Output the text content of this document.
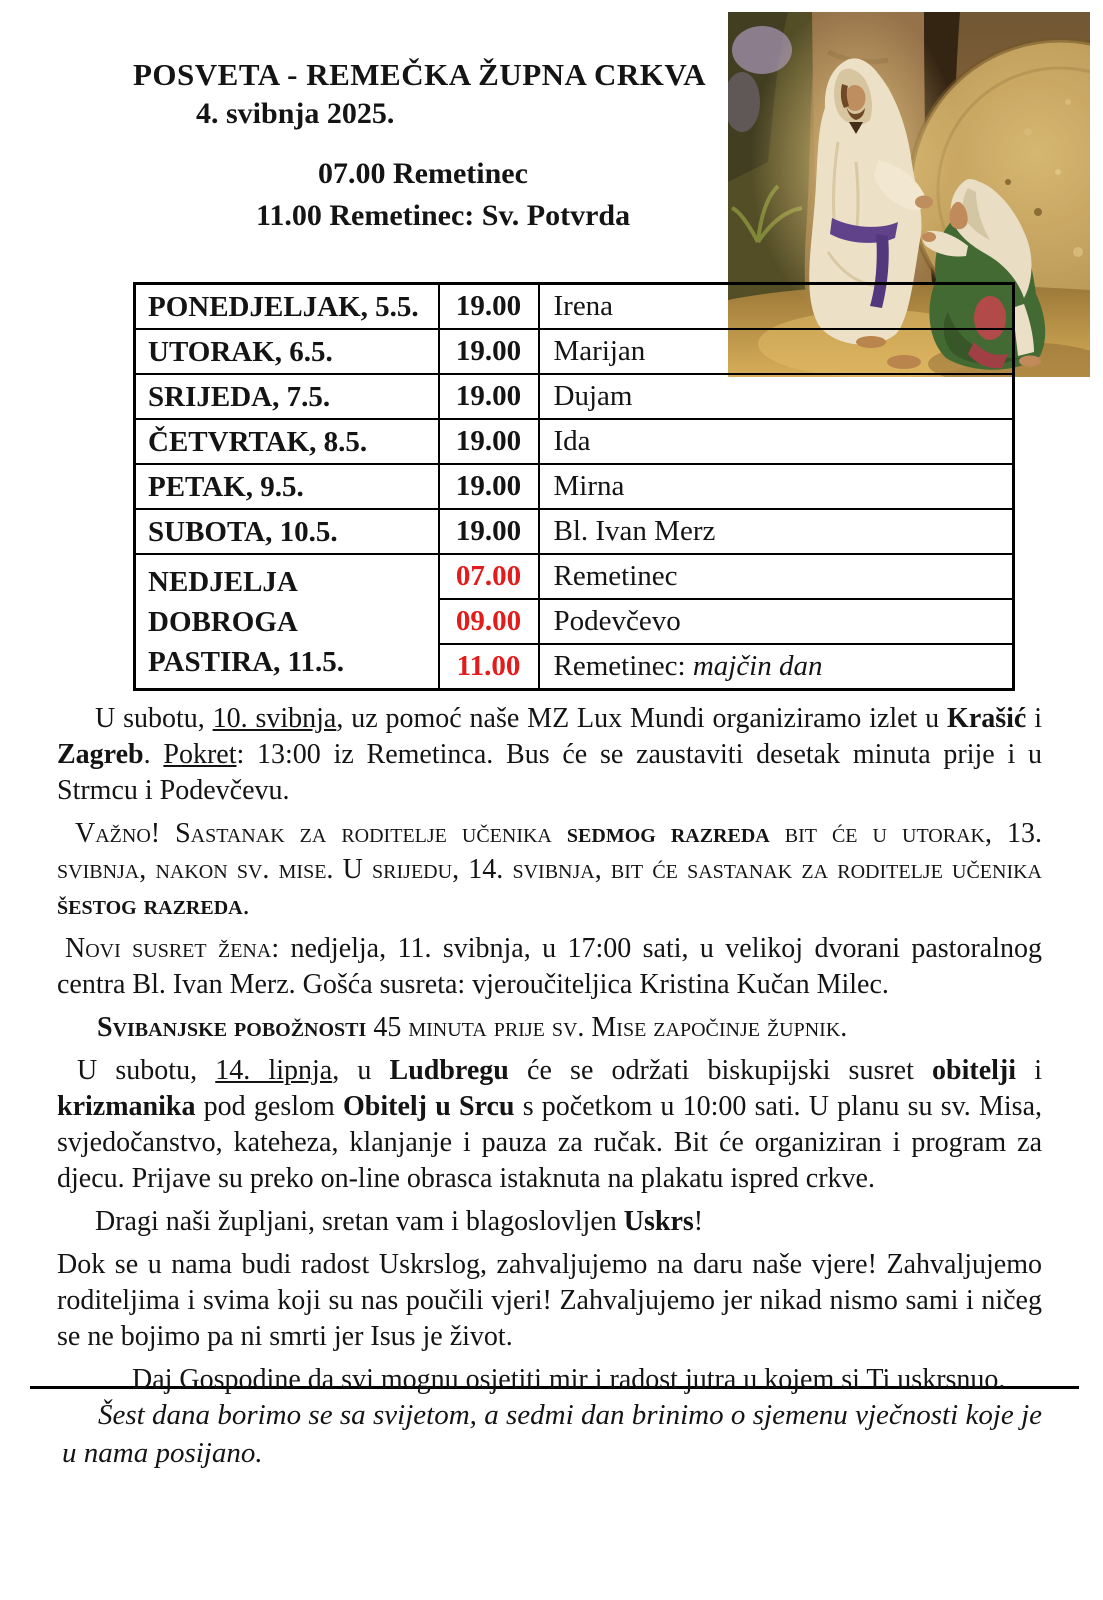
POSVETA - REMEČKA ŽUPNA CRKVA
4. svibnja 2025.
07.00 Remetinec
11.00 Remetinec: Sv. Potvrda
PONEDJELJAK, 5.5.	19.00	Irena

UTORAK, 6.5.	19.00	Marijan

SRIJEDA, 7.5.	19.00	Dujam

ČETVRTAK, 8.5.	19.00	Ida

PETAK, 9.5.	19.00	Mirna

SUBOTA, 10.5.	19.00	Bl. Ivan Merz

NEDJELJA
DOBROGA
PASTIRA, 11.5.	07.00	Remetinec
	09.00	Podevčevo
	11.00	Remetinec: majčin dan

U subotu, 10. svibnja, uz pomoć naše MZ Lux Mundi organiziramo izlet u Krašić i Zagreb. Pokret: 13:00 iz Remetinca. Bus će se zaustaviti desetak minuta prije i u Strmcu i Podevčevu.

Važno! Sastanak za roditelje učenika sedmog razreda bit će u utorak, 13. svibnja, nakon sv. mise. U srijedu, 14. svibnja, bit će sastanak za roditelje učenika šestog razreda.

Novi susret žena: nedjelja, 11. svibnja, u 17:00 sati, u velikoj dvorani pastoralnog centra Bl. Ivan Merz. Gošća susreta: vjeroučiteljica Kristina Kučan Milec.

Svibanjske pobožnosti 45 minuta prije sv. Mise započinje župnik.

U subotu, 14. lipnja, u Ludbregu će se održati biskupijski susret obitelji i krizmanika pod geslom Obitelj u Srcu s početkom u 10:00 sati. U planu su sv. Misa, svjedočanstvo, kateheza, klanjanje i pauza za ručak. Bit će organiziran i program za djecu. Prijave su preko on-line obrasca istaknuta na plakatu ispred crkve.

Dragi naši župljani, sretan vam i blagoslovljen Uskrs!

Dok se u nama budi radost Uskrslog, zahvaljujemo na daru naše vjere! Zahvaljujemo roditeljima i svima koji su nas poučili vjeri! Zahvaljujemo jer nikad nismo sami i ničeg se ne bojimo pa ni smrti jer Isus je život.

Daj Gospodine da svi mognu osjetiti mir i radost jutra u kojem si Ti uskrsnuo.

Šest dana borimo se sa svijetom, a sedmi dan brinimo o sjemenu vječnosti koje je u nama posijano.
